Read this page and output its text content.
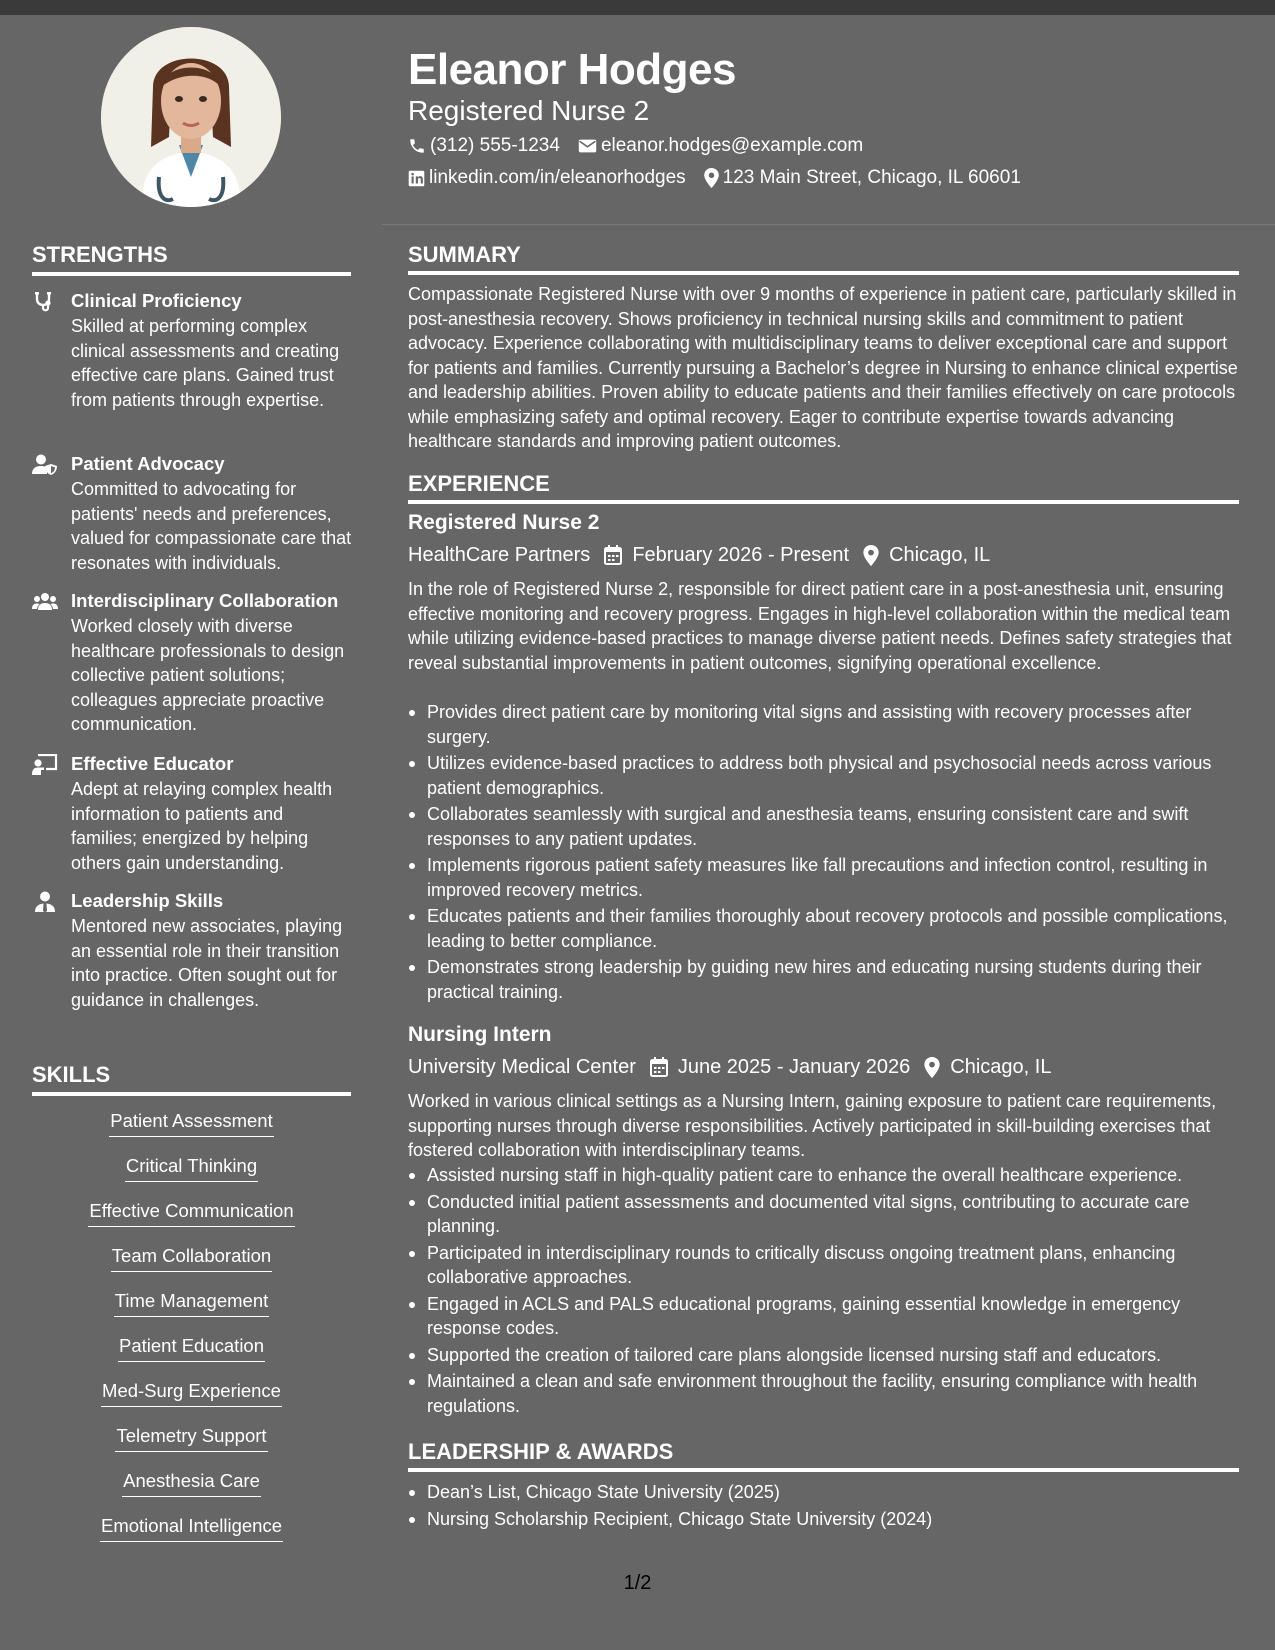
Eleanor Hodges
Registered Nurse 2
(312) 555-1234 eleanor.hodges@example.com
linkedin.com/in/eleanorhodges 123 Main Street, Chicago, IL 60601
STRENGTHS
Clinical Proficiency
Skilled at performing complex clinical assessments and creating effective care plans. Gained trust from patients through expertise.
Patient Advocacy
Committed to advocating for patients' needs and preferences, valued for compassionate care that resonates with individuals.
Interdisciplinary Collaboration
Worked closely with diverse healthcare professionals to design collective patient solutions; colleagues appreciate proactive communication.
Effective Educator
Adept at relaying complex health information to patients and families; energized by helping others gain understanding.
Leadership Skills
Mentored new associates, playing an essential role in their transition into practice. Often sought out for guidance in challenges.
SKILLS
Patient Assessment
Critical Thinking
Effective Communication
Team Collaboration
Time Management
Patient Education
Med-Surg Experience
Telemetry Support
Anesthesia Care
Emotional Intelligence
SUMMARY

Compassionate Registered Nurse with over 9 months of experience in patient care, particularly skilled in post-anesthesia recovery. Shows proficiency in technical nursing skills and commitment to patient advocacy. Experience collaborating with multidisciplinary teams to deliver exceptional care and support for patients and families. Currently pursuing a Bachelor’s degree in Nursing to enhance clinical expertise and leadership abilities. Proven ability to educate patients and their families effectively on care protocols while emphasizing safety and optimal recovery. Eager to contribute expertise towards advancing healthcare standards and improving patient outcomes.

EXPERIENCE
Registered Nurse 2
HealthCare Partners February 2026 - Present Chicago, IL

In the role of Registered Nurse 2, responsible for direct patient care in a post-anesthesia unit, ensuring effective monitoring and recovery progress. Engages in high-level collaboration within the medical team while utilizing evidence-based practices to manage diverse patient needs. Defines safety strategies that reveal substantial improvements in patient outcomes, signifying operational excellence.

Provides direct patient care by monitoring vital signs and assisting with recovery processes after surgery.
Utilizes evidence-based practices to address both physical and psychosocial needs across various patient demographics.
Collaborates seamlessly with surgical and anesthesia teams, ensuring consistent care and swift responses to any patient updates.
Implements rigorous patient safety measures like fall precautions and infection control, resulting in improved recovery metrics.
Educates patients and their families thoroughly about recovery protocols and possible complications, leading to better compliance.
Demonstrates strong leadership by guiding new hires and educating nursing students during their practical training.
Nursing Intern
University Medical Center June 2025 - January 2026 Chicago, IL

Worked in various clinical settings as a Nursing Intern, gaining exposure to patient care requirements, supporting nurses through diverse responsibilities. Actively participated in skill-building exercises that fostered collaboration with interdisciplinary teams.

Assisted nursing staff in high-quality patient care to enhance the overall healthcare experience.
Conducted initial patient assessments and documented vital signs, contributing to accurate care planning.
Participated in interdisciplinary rounds to critically discuss ongoing treatment plans, enhancing collaborative approaches.
Engaged in ACLS and PALS educational programs, gaining essential knowledge in emergency response codes.
Supported the creation of tailored care plans alongside licensed nursing staff and educators.
Maintained a clean and safe environment throughout the facility, ensuring compliance with health regulations.
LEADERSHIP & AWARDS
Dean’s List, Chicago State University (2025)
Nursing Scholarship Recipient, Chicago State University (2024)
1/2
